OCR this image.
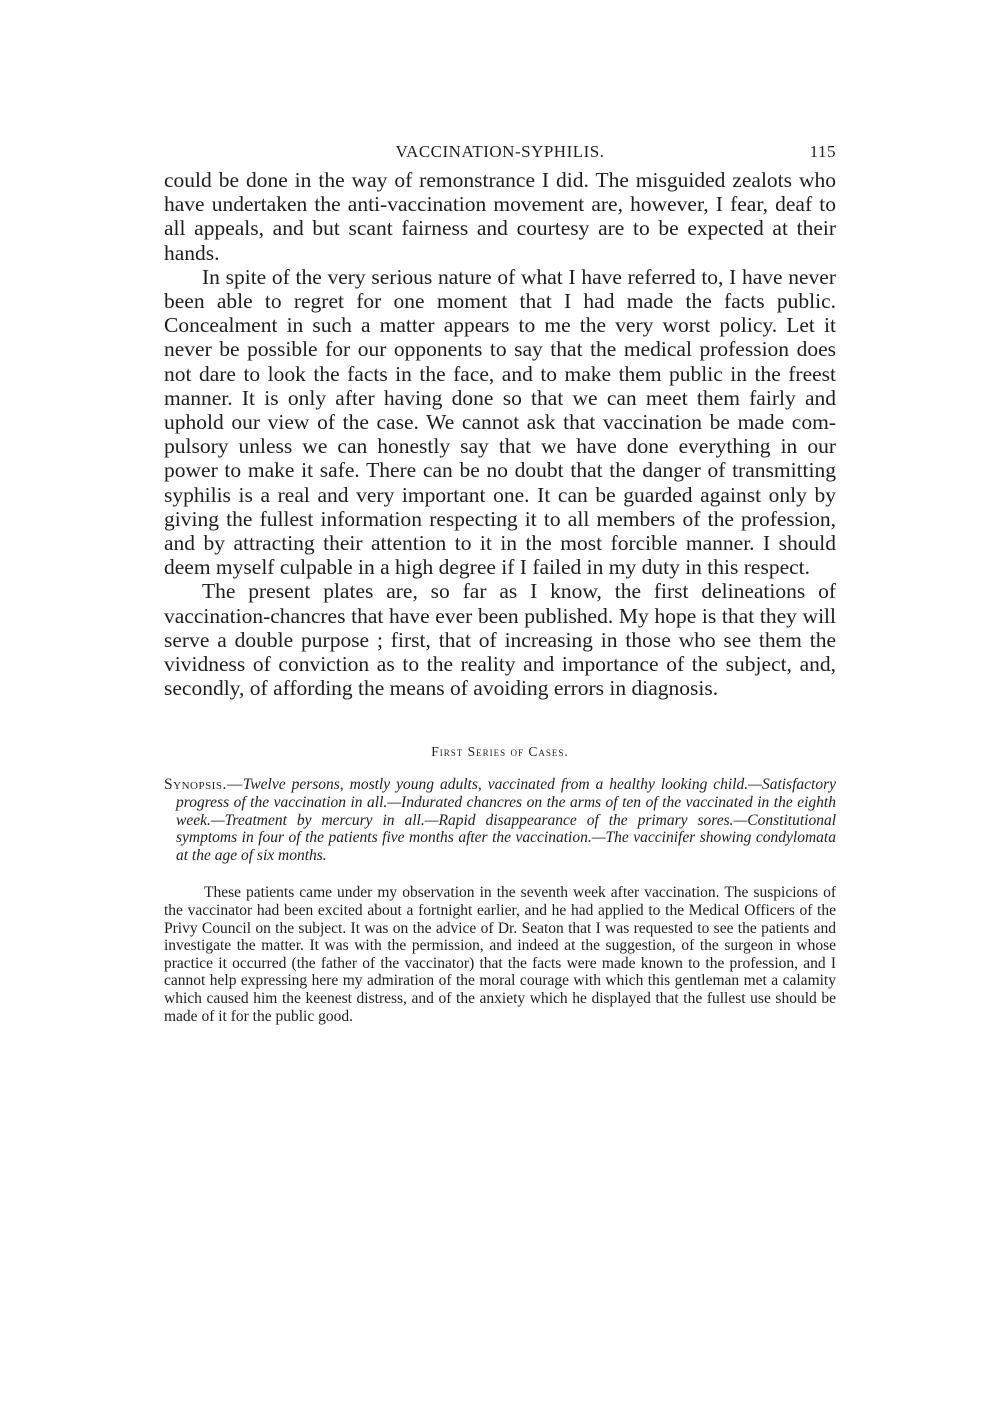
VACCINATION-SYPHILIS.	115

could be done in the way of remonstrance I did. The misguided zealots who have undertaken the anti-vaccination movement are, however, I fear, deaf to all appeals, and but scant fairness and courtesy are to be expected at their hands.

In spite of the very serious nature of what I have referred to, I have never been able to regret for one moment that I had made the facts public. Concealment in such a matter appears to me the very worst policy. Let it never be possible for our opponents to say that the medical profession does not dare to look the facts in the face, and to make them public in the freest manner. It is only after having done so that we can meet them fairly and uphold our view of the case. We cannot ask that vaccination be made compulsory unless we can honestly say that we have done everything in our power to make it safe. There can be no doubt that the danger of transmitting syphilis is a real and very important one. It can be guarded against only by giving the fullest information respecting it to all members of the profession, and by attracting their attention to it in the most forcible manner. I should deem myself culpable in a high degree if I failed in my duty in this respect.

The present plates are, so far as I know, the first delineations of vaccination-chancres that have ever been published. My hope is that they will serve a double purpose ; first, that of increasing in those who see them the vividness of conviction as to the reality and importance of the subject, and, secondly, of affording the means of avoiding errors in diagnosis.

First Series of Cases.
Synopsis.—Twelve persons, mostly young adults, vaccinated from a healthy looking child.—Satisfactory progress of the vaccination in all.—Indurated chancres on the arms of ten of the vaccinated in the eighth week.—Treatment by mercury in all.—Rapid disappearance of the primary sores.—Constitutional symptoms in four of the patients five months after the vaccination.—The vaccinifer showing condylomata at the age of six months.

These patients came under my observation in the seventh week after vaccination. The suspicions of the vaccinator had been excited about a fortnight earlier, and he had applied to the Medical Officers of the Privy Council on the subject. It was on the advice of Dr. Seaton that I was requested to see the patients and investigate the matter. It was with the permission, and indeed at the suggestion, of the surgeon in whose practice it occurred (the father of the vaccinator) that the facts were made known to the profession, and I cannot help expressing here my admiration of the moral courage with which this gentleman met a calamity which caused him the keenest distress, and of the anxiety which he displayed that the fullest use should be made of it for the public good.
